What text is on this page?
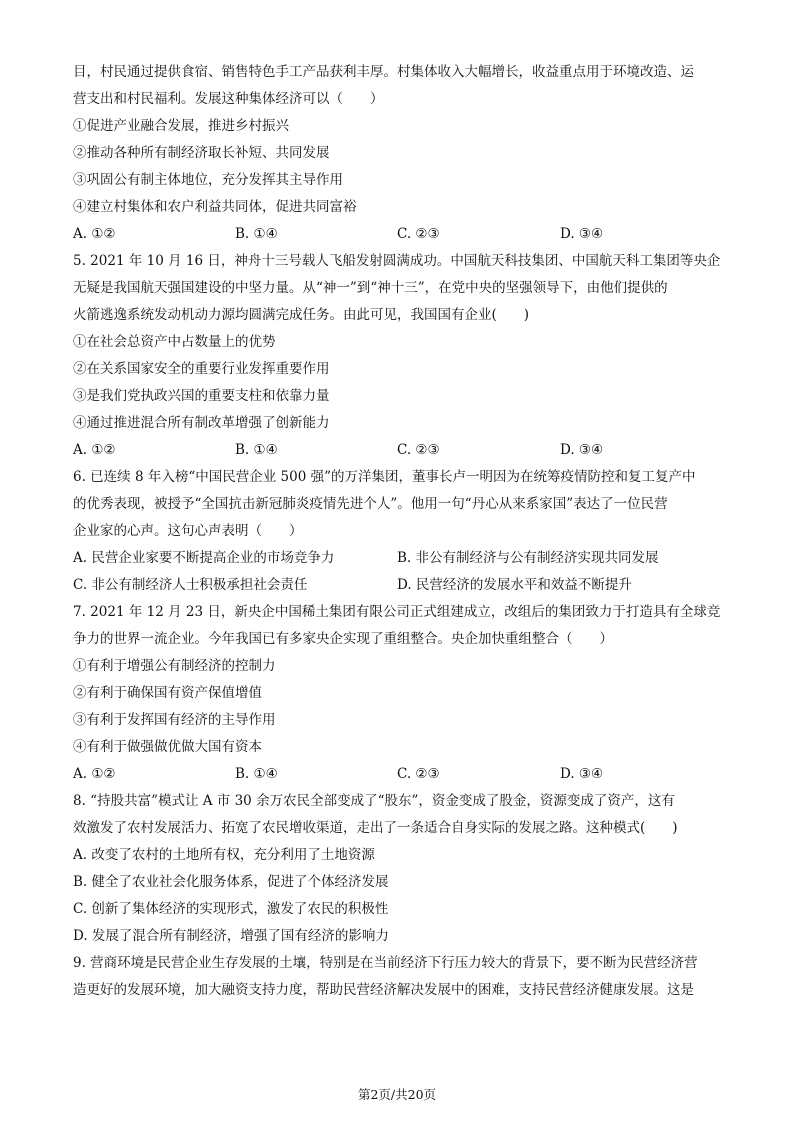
目，村民通过提供食宿、销售特色手工产品获利丰厚。村集体收入大幅增长，收益重点用于环境改造、运
营支出和村民福利。发展这种集体经济可以（　　）
①促进产业融合发展，推进乡村振兴
②推动各种所有制经济取长补短、共同发展
③巩固公有制主体地位，充分发挥其主导作用
④建立村集体和农户利益共同体，促进共同富裕
A. ①②	B. ①④	C. ②③	D. ③④
5. 2021 年 10 月 16 日，神舟十三号载人飞船发射圆满成功。中国航天科技集团、中国航天科工集团等央企
无疑是我国航天强国建设的中坚力量。从“神一”到“神十三”，在党中央的坚强领导下，由他们提供的
火箭逃逸系统发动机动力源均圆满完成任务。由此可见，我国国有企业(　　)
①在社会总资产中占数量上的优势
②在关系国家安全的重要行业发挥重要作用
③是我们党执政兴国的重要支柱和依靠力量
④通过推进混合所有制改革增强了创新能力
A. ①②	B. ①④	C. ②③	D. ③④
6. 已连续 8 年入榜“中国民营企业 500 强”的万洋集团，董事长卢一明因为在统筹疫情防控和复工复产中
的优秀表现，被授予“全国抗击新冠肺炎疫情先进个人”。他用一句“丹心从来系家国”表达了一位民营
企业家的心声。这句心声表明（　　）
A. 民营企业家要不断提高企业的市场竞争力	B. 非公有制经济与公有制经济实现共同发展
C. 非公有制经济人士积极承担社会责任	D. 民营经济的发展水平和效益不断提升
7. 2021 年 12 月 23 日，新央企中国稀土集团有限公司正式组建成立，改组后的集团致力于打造具有全球竞
争力的世界一流企业。今年我国已有多家央企实现了重组整合。央企加快重组整合（　　）
①有利于增强公有制经济的控制力
②有利于确保国有资产保值增值
③有利于发挥国有经济的主导作用
④有利于做强做优做大国有资本
A. ①②	B. ①④	C. ②③	D. ③④
8. “持股共富”模式让 A 市 30 余万农民全部变成了“股东”，资金变成了股金，资源变成了资产，这有
效激发了农村发展活力、拓宽了农民增收渠道，走出了一条适合自身实际的发展之路。这种模式(　　)
A. 改变了农村的土地所有权，充分利用了土地资源
B. 健全了农业社会化服务体系，促进了个体经济发展
C. 创新了集体经济的实现形式，激发了农民的积极性
D. 发展了混合所有制经济，增强了国有经济的影响力
9. 营商环境是民营企业生存发展的土壤，特别是在当前经济下行压力较大的背景下，要不断为民营经济营
造更好的发展环境，加大融资支持力度，帮助民营经济解决发展中的困难，支持民营经济健康发展。这是
第2页/共20页
